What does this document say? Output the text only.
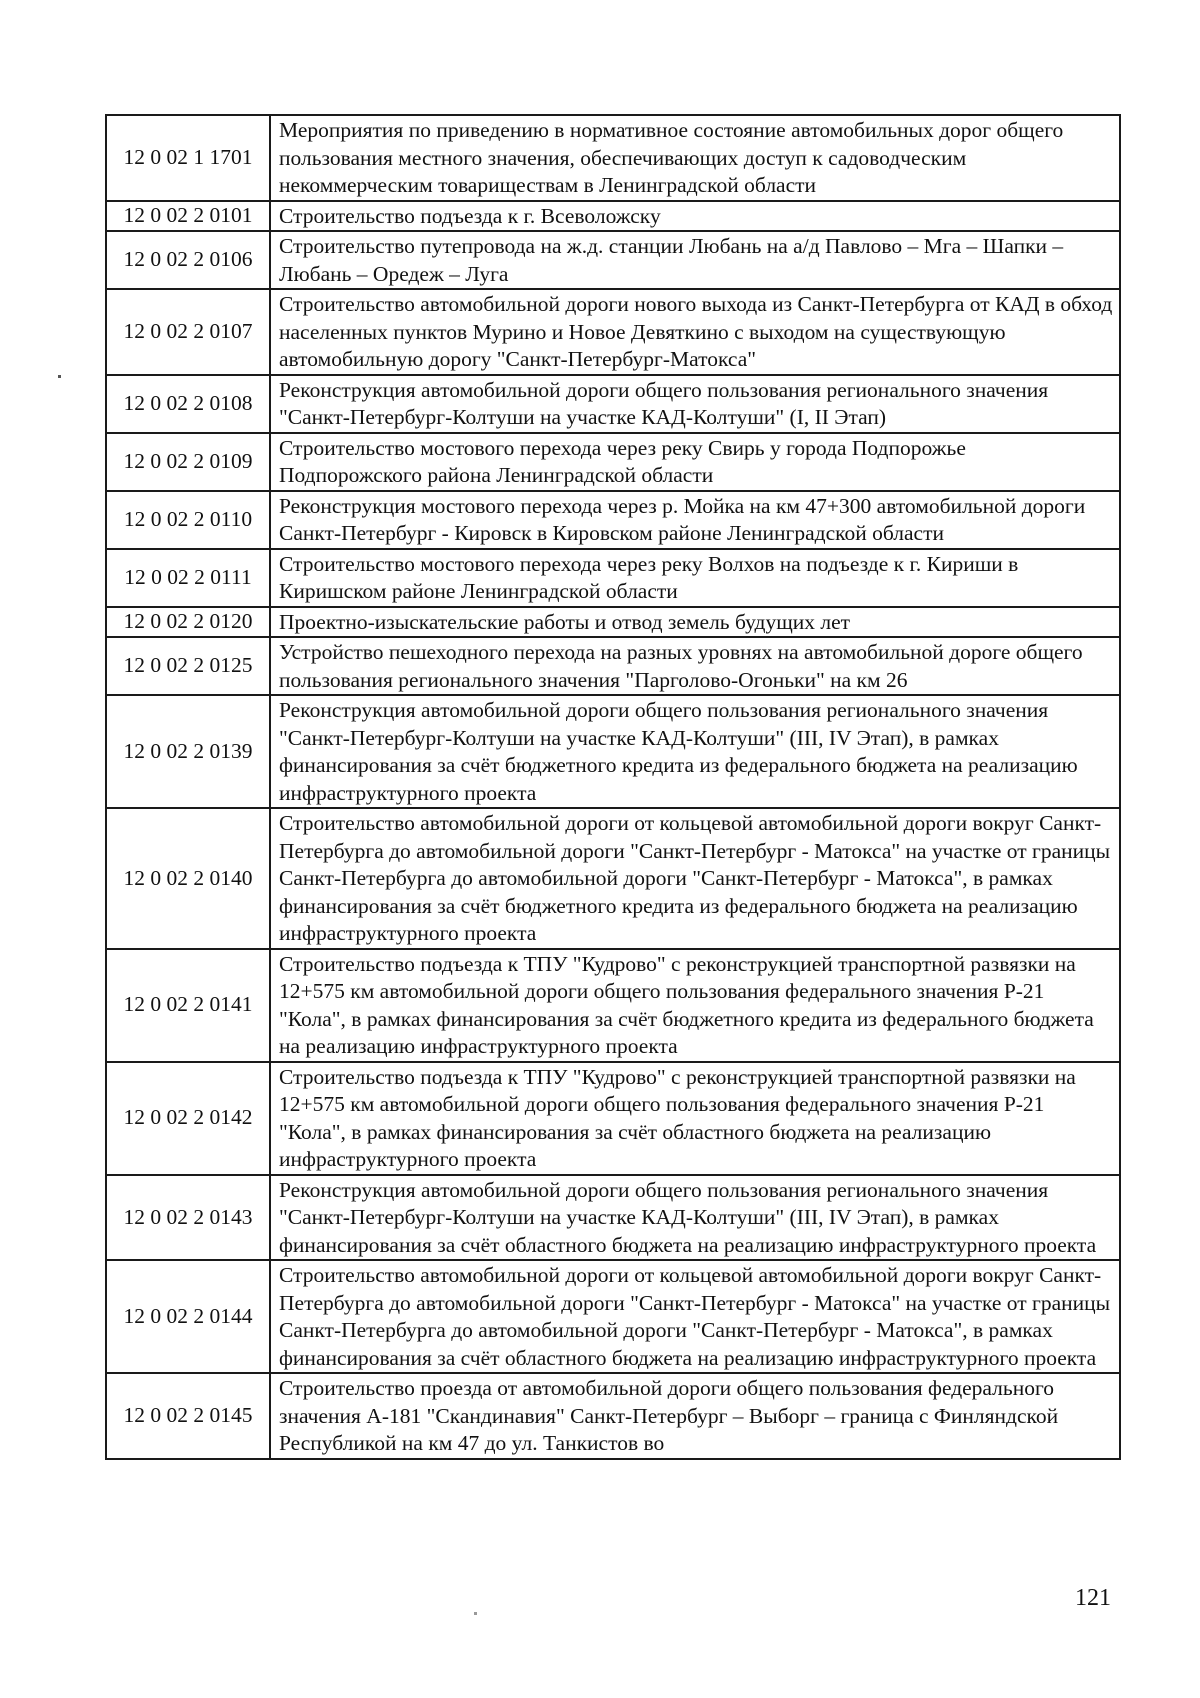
12 0 02 1 1701	Мероприятия по приведению в нормативное состояние автомобильных дорог общего пользования местного значения, обеспечивающих доступ к садоводческим некоммерческим товариществам в Ленинградской области
12 0 02 2 0101	Строительство подъезда к г. Всеволожску
12 0 02 2 0106	Строительство путепровода на ж.д. станции Любань на а/д Павлово – Мга – Шапки – Любань – Оредеж – Луга
12 0 02 2 0107	Строительство автомобильной дороги нового выхода из Санкт-Петербурга от КАД в обход населенных пунктов Мурино и Новое Девяткино с выходом на существующую автомобильную дорогу "Санкт-Петербург-Матокса"
12 0 02 2 0108	Реконструкция автомобильной дороги общего пользования регионального значения "Санкт-Петербург-Колтуши на участке КАД-Колтуши" (I, II Этап)
12 0 02 2 0109	Строительство мостового перехода через реку Свирь у города Подпорожье Подпорожского района Ленинградской области
12 0 02 2 0110	Реконструкция мостового перехода через р. Мойка на км 47+300 автомобильной дороги Санкт-Петербург - Кировск в Кировском районе Ленинградской области
12 0 02 2 0111	Строительство мостового перехода через реку Волхов на подъезде к г. Кириши в Киришском районе Ленинградской области
12 0 02 2 0120	Проектно-изыскательские работы и отвод земель будущих лет
12 0 02 2 0125	Устройство пешеходного перехода на разных уровнях на автомобильной дороге общего пользования регионального значения "Парголово-Огоньки" на км 26
12 0 02 2 0139	Реконструкция автомобильной дороги общего пользования регионального значения "Санкт-Петербург-Колтуши на участке КАД-Колтуши" (III, IV Этап), в рамках финансирования за счёт бюджетного кредита из федерального бюджета на реализацию инфраструктурного проекта
12 0 02 2 0140	Строительство автомобильной дороги от кольцевой автомобильной дороги вокруг Санкт-Петербурга до автомобильной дороги "Санкт-Петербург - Матокса" на участке от границы Санкт-Петербурга до автомобильной дороги "Санкт-Петербург - Матокса", в рамках финансирования за счёт бюджетного кредита из федерального бюджета на реализацию инфраструктурного проекта
12 0 02 2 0141	Строительство подъезда к ТПУ "Кудрово" с реконструкцией транспортной развязки на 12+575 км автомобильной дороги общего пользования федерального значения Р-21 "Кола", в рамках финансирования за счёт бюджетного кредита из федерального бюджета на реализацию инфраструктурного проекта
12 0 02 2 0142	Строительство подъезда к ТПУ "Кудрово" с реконструкцией транспортной развязки на 12+575 км автомобильной дороги общего пользования федерального значения Р-21 "Кола", в рамках финансирования за счёт областного бюджета на реализацию инфраструктурного проекта
12 0 02 2 0143	Реконструкция автомобильной дороги общего пользования регионального значения "Санкт-Петербург-Колтуши на участке КАД-Колтуши" (III, IV Этап), в рамках финансирования за счёт областного бюджета на реализацию инфраструктурного проекта
12 0 02 2 0144	Строительство автомобильной дороги от кольцевой автомобильной дороги вокруг Санкт-Петербурга до автомобильной дороги "Санкт-Петербург - Матокса" на участке от границы Санкт-Петербурга до автомобильной дороги "Санкт-Петербург - Матокса", в рамках финансирования за счёт областного бюджета на реализацию инфраструктурного проекта
12 0 02 2 0145	Строительство проезда от автомобильной дороги общего пользования федерального значения А-181 "Скандинавия" Санкт-Петербург – Выборг – граница с Финляндской Республикой на км 47 до ул. Танкистов во
121
